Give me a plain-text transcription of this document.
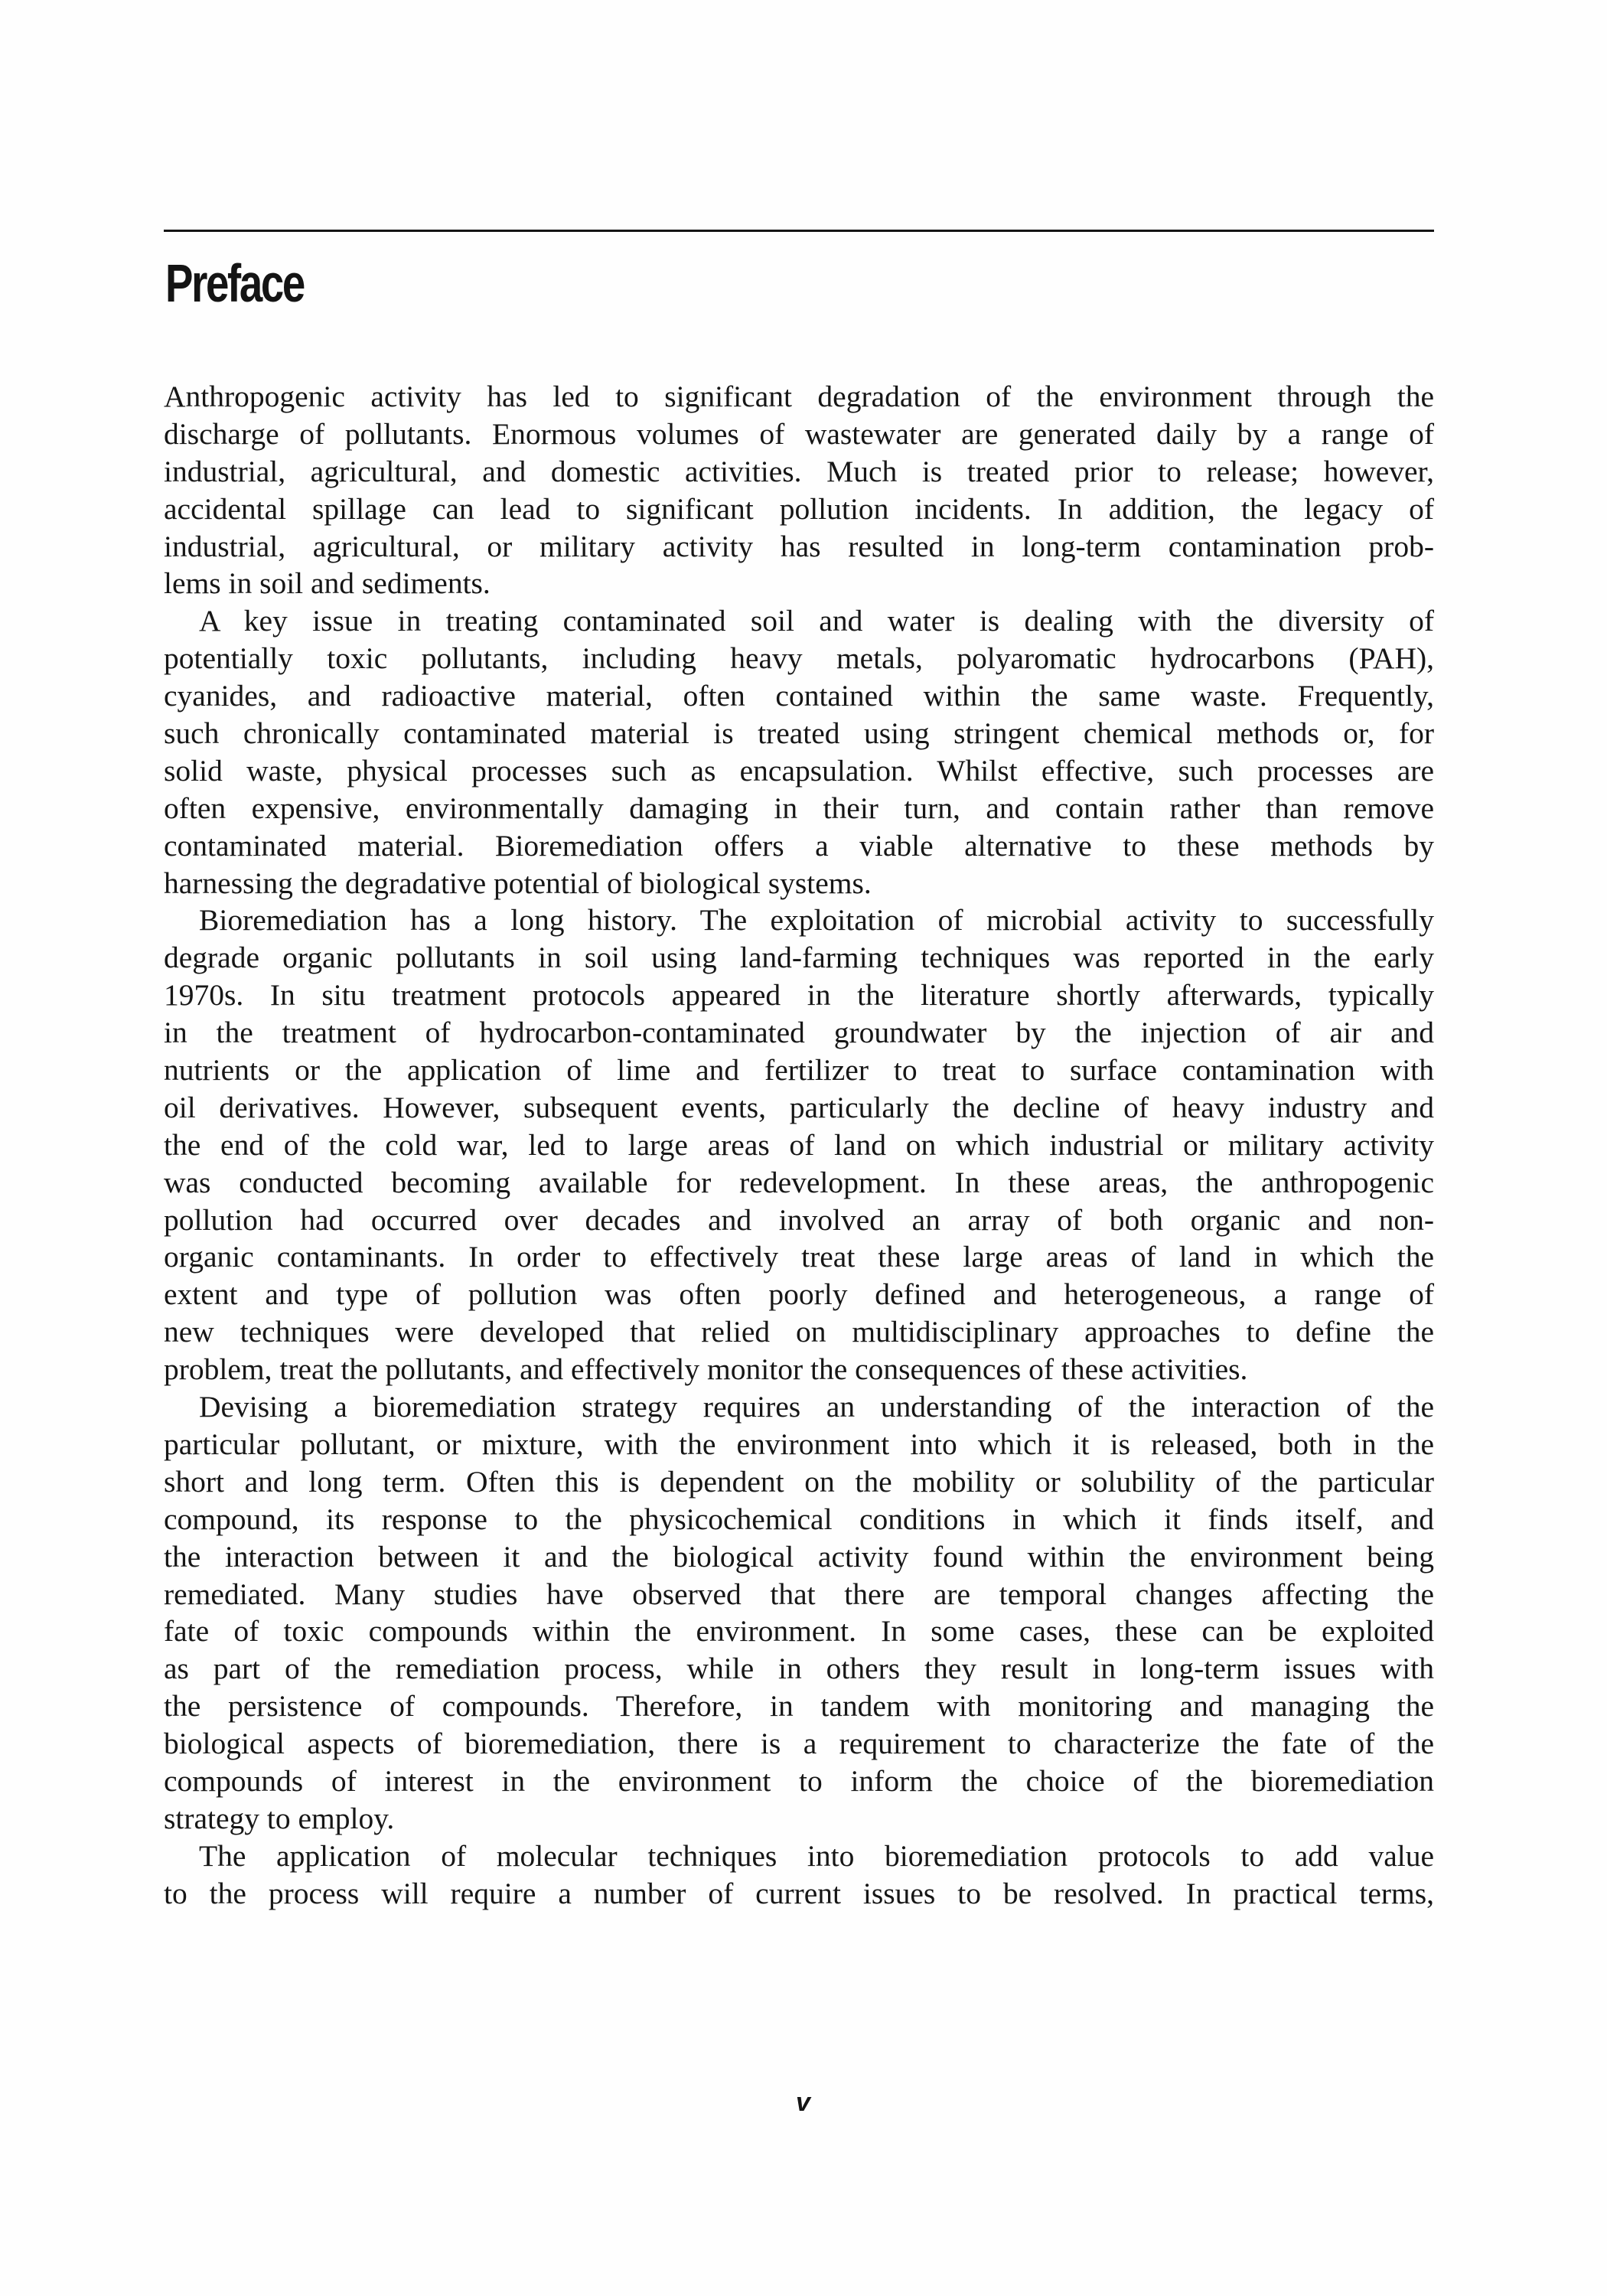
Preface
Anthropogenic activity has led to significant degradation of the environment through the
discharge of pollutants. Enormous volumes of wastewater are generated daily by a range of
industrial, agricultural, and domestic activities. Much is treated prior to release; however,
accidental spillage can lead to significant pollution incidents. In addition, the legacy of
industrial, agricultural, or military activity has resulted in long-term contamination prob-
lems in soil and sediments.
A key issue in treating contaminated soil and water is dealing with the diversity of
potentially toxic pollutants, including heavy metals, polyaromatic hydrocarbons (PAH),
cyanides, and radioactive material, often contained within the same waste. Frequently,
such chronically contaminated material is treated using stringent chemical methods or, for
solid waste, physical processes such as encapsulation. Whilst effective, such processes are
often expensive, environmentally damaging in their turn, and contain rather than remove
contaminated material. Bioremediation offers a viable alternative to these methods by
harnessing the degradative potential of biological systems.
Bioremediation has a long history. The exploitation of microbial activity to successfully
degrade organic pollutants in soil using land-farming techniques was reported in the early
1970s. In situ treatment protocols appeared in the literature shortly afterwards, typically
in the treatment of hydrocarbon-contaminated groundwater by the injection of air and
nutrients or the application of lime and fertilizer to treat to surface contamination with
oil derivatives. However, subsequent events, particularly the decline of heavy industry and
the end of the cold war, led to large areas of land on which industrial or military activity
was conducted becoming available for redevelopment. In these areas, the anthropogenic
pollution had occurred over decades and involved an array of both organic and non-
organic contaminants. In order to effectively treat these large areas of land in which the
extent and type of pollution was often poorly defined and heterogeneous, a range of
new techniques were developed that relied on multidisciplinary approaches to define the
problem, treat the pollutants, and effectively monitor the consequences of these activities.
Devising a bioremediation strategy requires an understanding of the interaction of the
particular pollutant, or mixture, with the environment into which it is released, both in the
short and long term. Often this is dependent on the mobility or solubility of the particular
compound, its response to the physicochemical conditions in which it finds itself, and
the interaction between it and the biological activity found within the environment being
remediated. Many studies have observed that there are temporal changes affecting the
fate of toxic compounds within the environment. In some cases, these can be exploited
as part of the remediation process, while in others they result in long-term issues with
the persistence of compounds. Therefore, in tandem with monitoring and managing the
biological aspects of bioremediation, there is a requirement to characterize the fate of the
compounds of interest in the environment to inform the choice of the bioremediation
strategy to employ.
The application of molecular techniques into bioremediation protocols to add value
to the process will require a number of current issues to be resolved. In practical terms,
v
